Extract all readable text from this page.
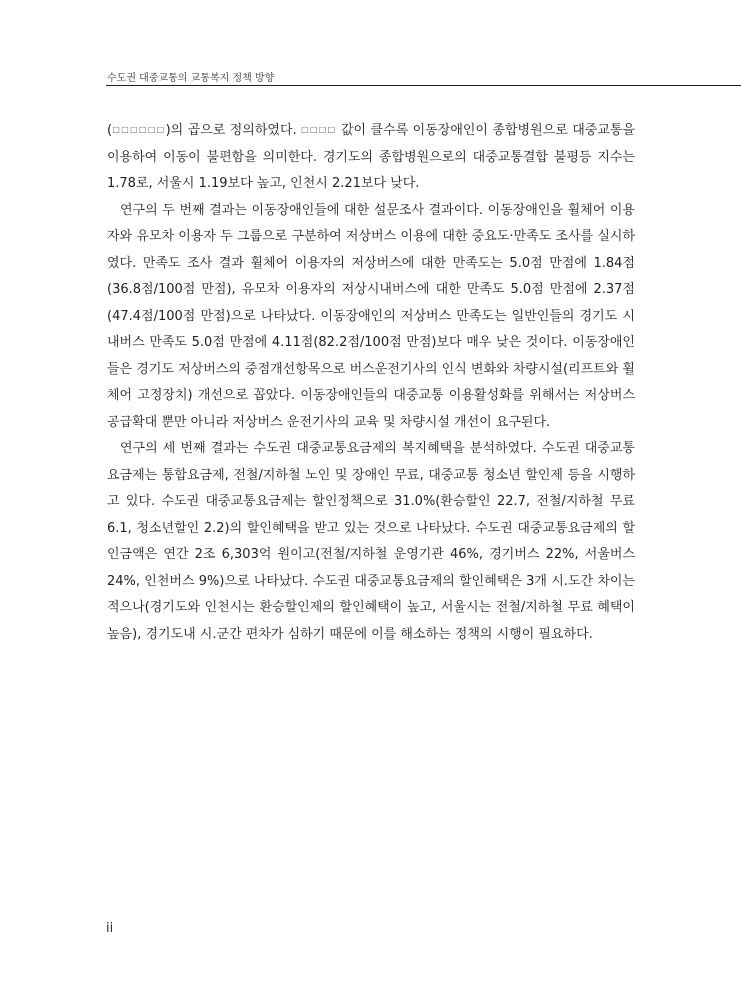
수도권 대중교통의 교통복지 정책 방향

(□□□□□□)의 곱으로 정의하였다. □□□□ 값이 클수록 이동장애인이 종합병원으로 대중교통을 이용하여 이동이 불편함을 의미한다. 경기도의 종합병원으로의 대중교통결합 불평등 지수는 1.78로, 서울시 1.19보다 높고, 인천시 2.21보다 낮다.

연구의 두 번째 결과는 이동장애인들에 대한 설문조사 결과이다. 이동장애인을 휠체어 이용자와 유모차 이용자 두 그룹으로 구분하여 저상버스 이용에 대한 중요도·만족도 조사를 실시하였다. 만족도 조사 결과 휠체어 이용자의 저상버스에 대한 만족도는 5.0점 만점에 1.84점(36.8점/100점 만점), 유모차 이용자의 저상시내버스에 대한 만족도 5.0점 만점에 2.37점(47.4점/100점 만점)으로 나타났다. 이동장애인의 저상버스 만족도는 일반인들의 경기도 시내버스 만족도 5.0점 만점에 4.11점(82.2점/100점 만점)보다 매우 낮은 것이다. 이동장애인들은 경기도 저상버스의 중점개선항목으로 버스운전기사의 인식 변화와 차량시설(리프트와 휠체어 고정장치) 개선으로 꼽았다. 이동장애인들의 대중교통 이용활성화를 위해서는 저상버스 공급확대 뿐만 아니라 저상버스 운전기사의 교육 및 차량시설 개선이 요구된다.

연구의 세 번째 결과는 수도권 대중교통요금제의 복지혜택을 분석하였다. 수도권 대중교통요금제는 통합요금제, 전철/지하철 노인 및 장애인 무료, 대중교통 청소년 할인제 등을 시행하고 있다. 수도권 대중교통요금제는 할인정책으로 31.0%(환승할인 22.7, 전철/지하철 무료 6.1, 청소년할인 2.2)의 할인혜택을 받고 있는 것으로 나타났다. 수도권 대중교통요금제의 할인금액은 연간 2조 6,303억 원이고(전철/지하철 운영기관 46%, 경기버스 22%, 서울버스24%, 인천버스 9%)으로 나타났다. 수도권 대중교통요금제의 할인혜택은 3개 시.도간 차이는 적으나(경기도와 인천시는 환승할인제의 할인혜택이 높고, 서울시는 전철/지하철 무료 혜택이 높음), 경기도내 시.군간 편차가 심하기 때문에 이를 해소하는 정책의 시행이 필요하다.

ii
